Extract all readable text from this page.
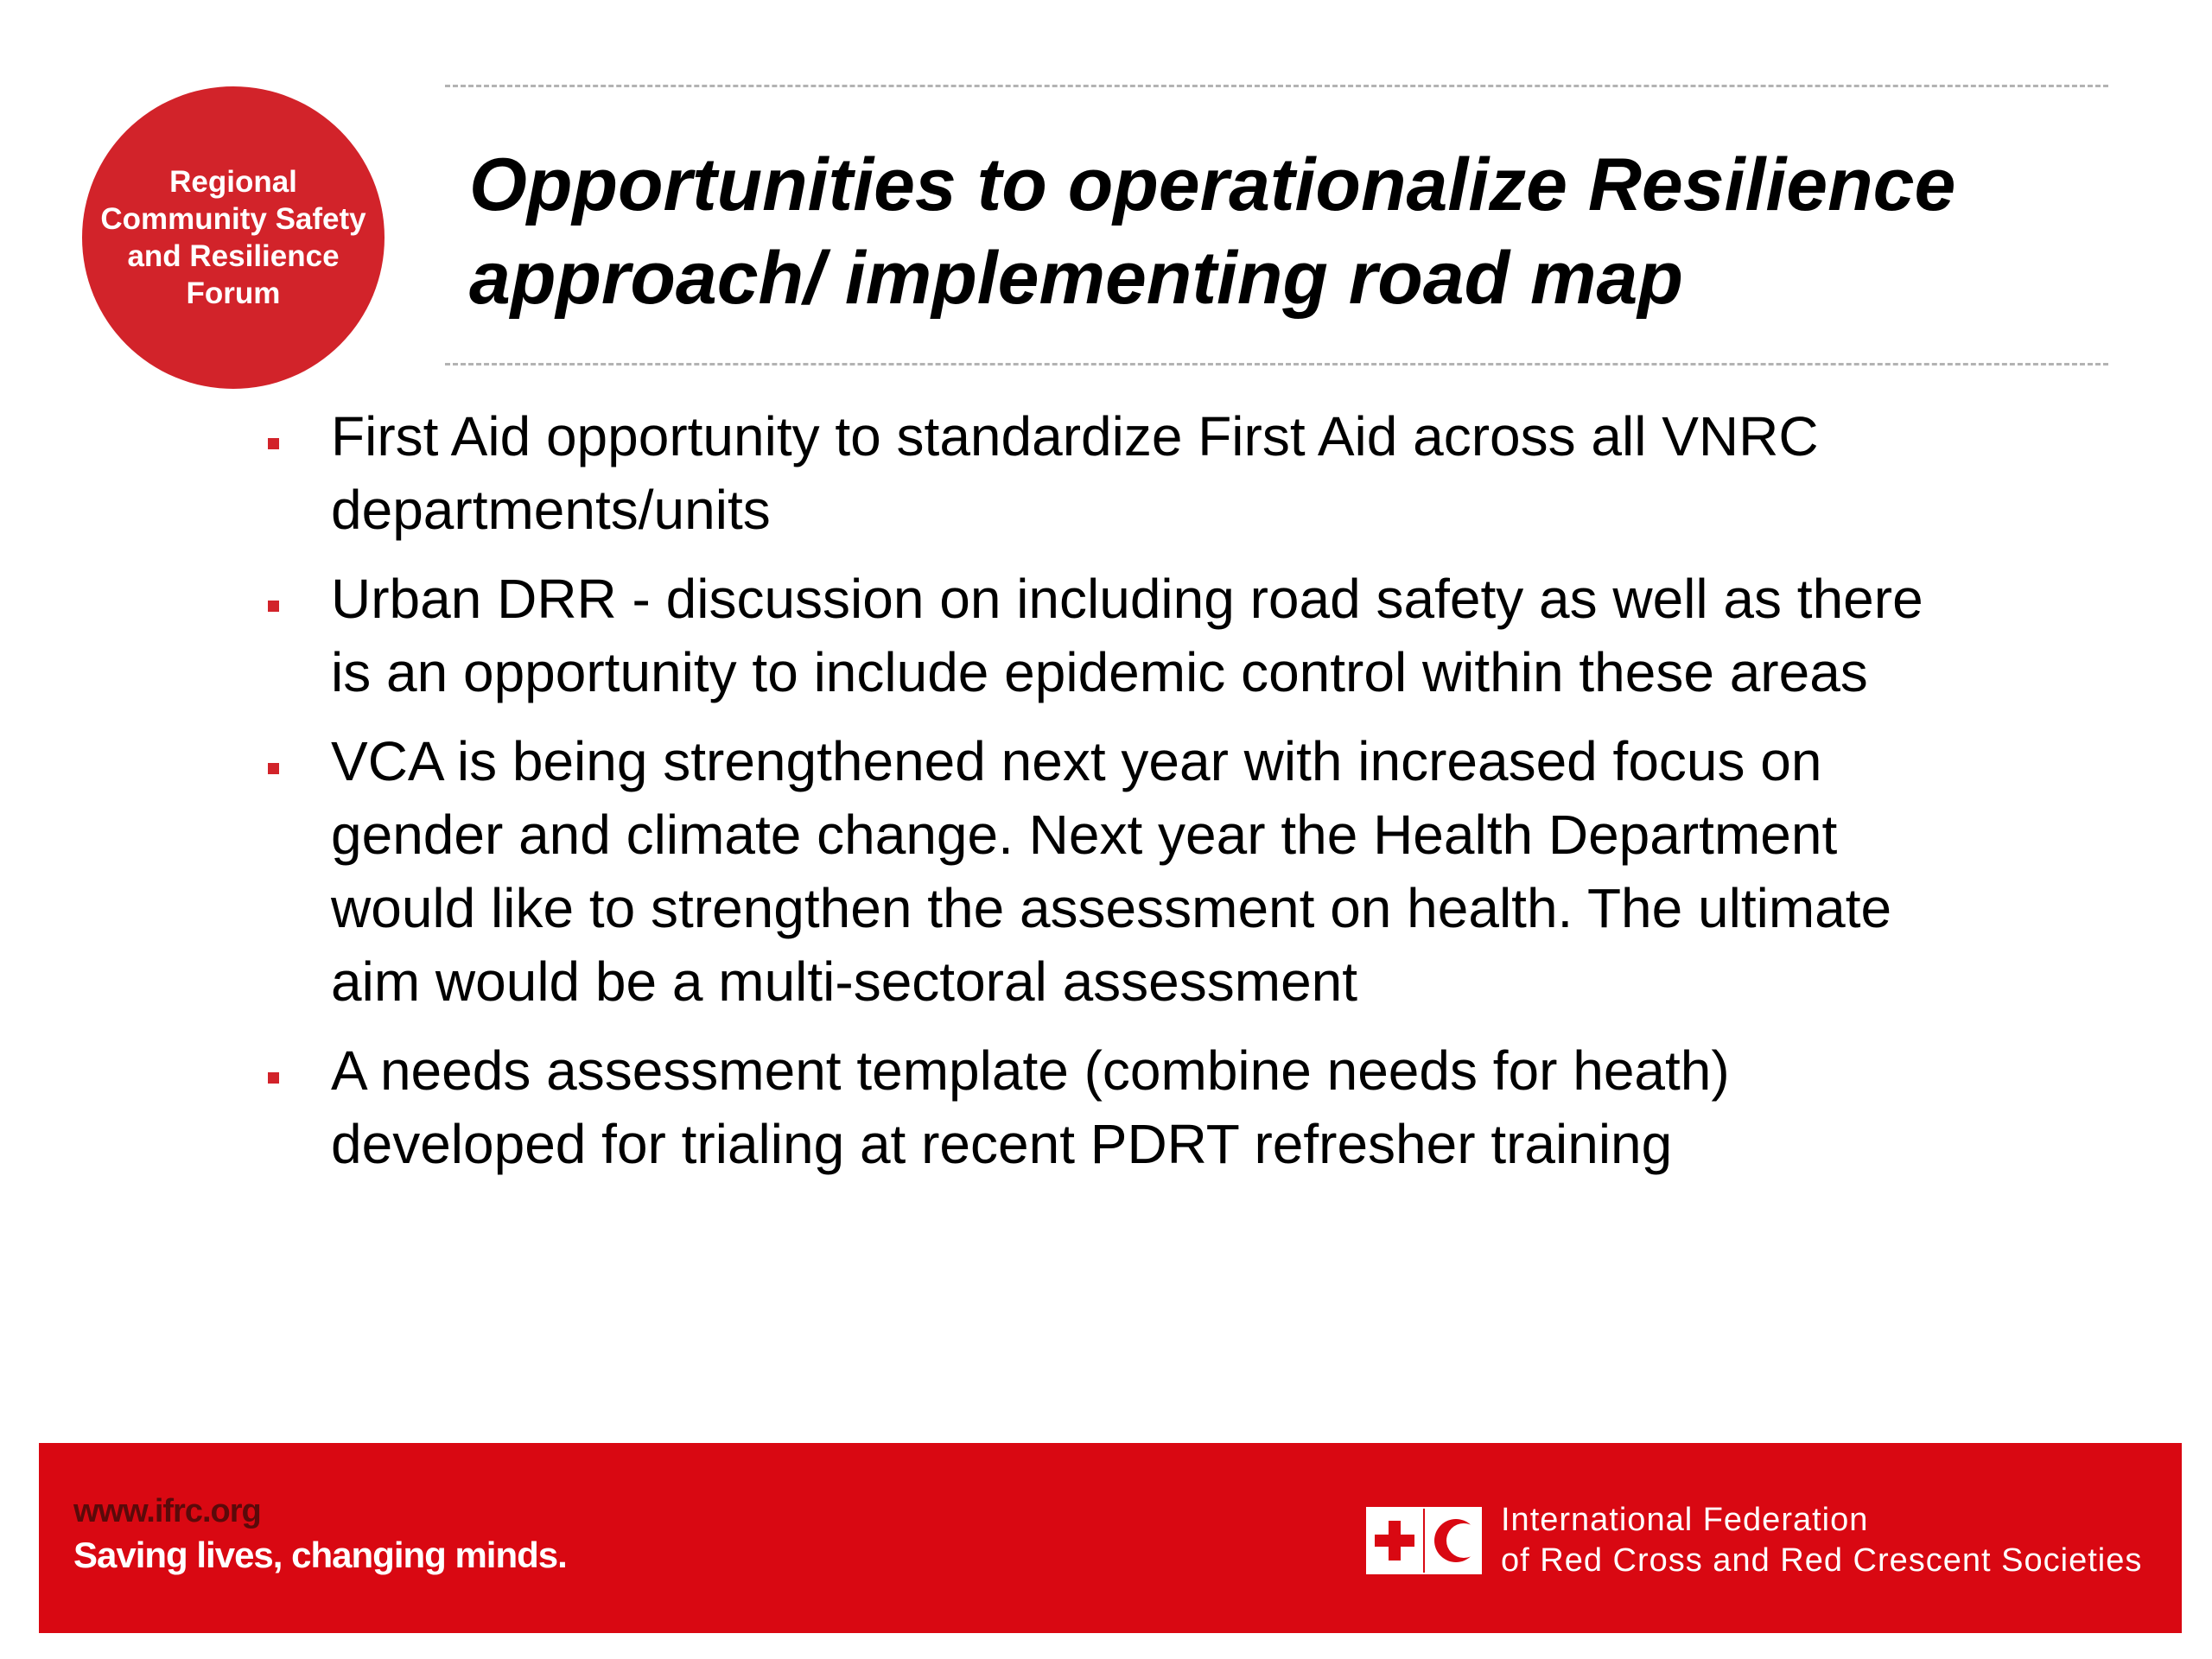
Regional
Community Safety
and Resilience
Forum
Opportunities to operationalize Resilience
approach/ implementing road map
First Aid opportunity to standardize First Aid across all VNRC
departments/units
Urban DRR - discussion on including road safety as well as there
is an opportunity to include epidemic control within these areas
VCA is being strengthened next year with increased focus on
gender and climate change. Next year the Health Department
would like to strengthen the assessment on health. The ultimate
aim would be a multi-sectoral assessment
A needs assessment template (combine needs for heath)
developed for trialing at recent PDRT refresher training
www.ifrc.org
Saving lives, changing minds.
International Federation
of Red Cross and Red Crescent Societies
